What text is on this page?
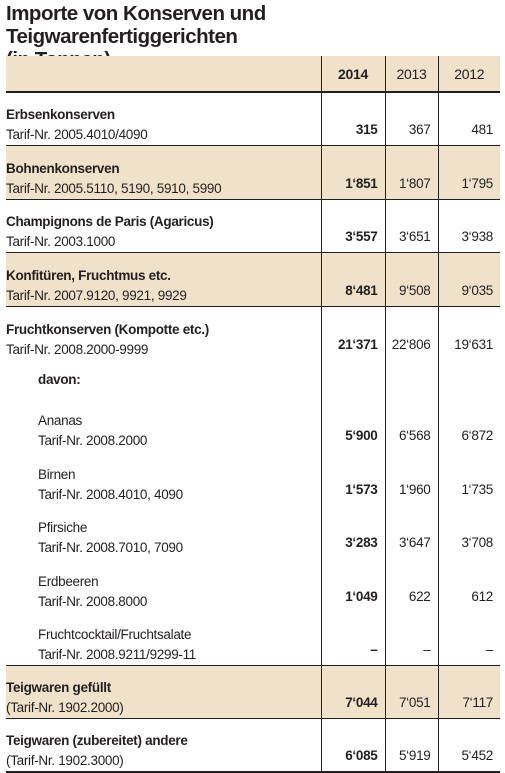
Importe von Konserven und Teigwarenfertiggerichten
(in Tonnen)
	2014	2013	2012

Erbsenkonserven
Tarif-Nr. 2005.4010/4090	315	367	481

Bohnenkonserven
Tarif-Nr. 2005.5110, 5190, 5910, 5990	1‘851	1‘807	1‘795

Champignons de Paris (Agaricus)
Tarif-Nr. 2003.1000	3‘557	3‘651	3‘938

Konfitüren, Fruchtmus etc.
Tarif-Nr. 2007.9120, 9921, 9929	8‘481	9‘508	9‘035

Fruchtkonserven (Kompotte etc.)
Tarif-Nr. 2008.2000-9999	21‘371	22‘806	19‘631
davon:			

Ananas
Tarif-Nr. 2008.2000	5‘900	6‘568	6‘872

Birnen
Tarif-Nr. 2008.4010, 4090	1‘573	1‘960	1‘735

Pfirsiche
Tarif-Nr. 2008.7010, 7090	3‘283	3‘647	3‘708

Erdbeeren
Tarif-Nr. 2008.8000	1‘049	622	612

Fruchtcocktail/Fruchtsalate
Tarif-Nr. 2008.9211/9299-11	–	–	–

Teigwaren gefüllt
(Tarif-Nr. 1902.2000)	7‘044	7‘051	7‘117

Teigwaren (zubereitet) andere
(Tarif-Nr. 1902.3000)	6‘085	5‘919	5‘452
